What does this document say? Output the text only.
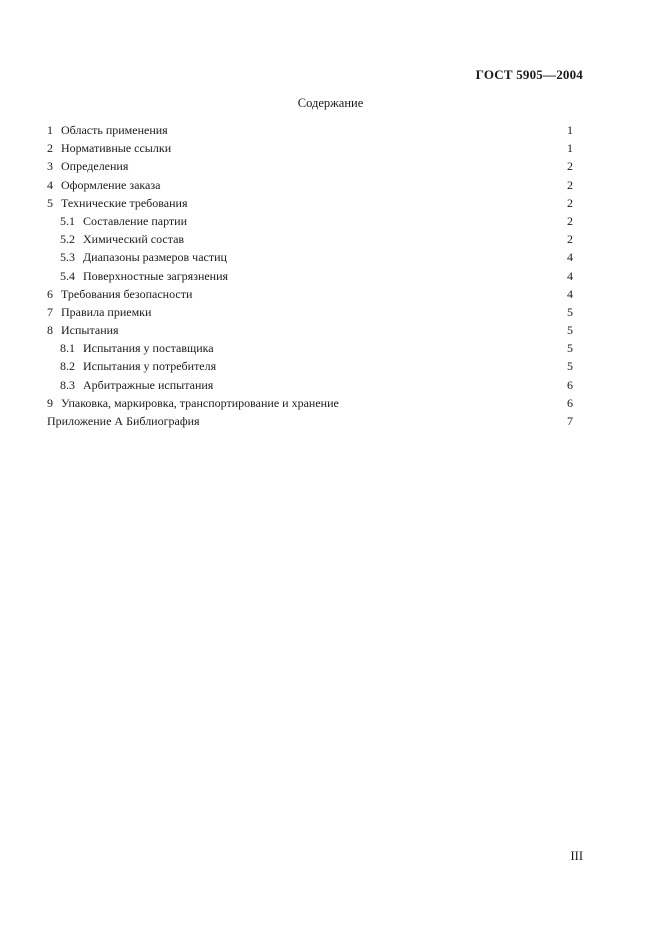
ГОСТ 5905—2004
Содержание
1 Область применения	1
2 Нормативные ссылки	1
3 Определения	2
4 Оформление заказа	2
5 Технические требования	2
5.1 Составление партии	2
5.2 Химический состав	2
5.3 Диапазоны размеров частиц	4
5.4 Поверхностные загрязнения	4
6 Требования безопасности	4
7 Правила приемки	5
8 Испытания	5
8.1 Испытания у поставщика	5
8.2 Испытания у потребителя	5
8.3 Арбитражные испытания	6
9 Упаковка, маркировка, транспортирование и хранение	6
Приложение А Библиография	7
III
